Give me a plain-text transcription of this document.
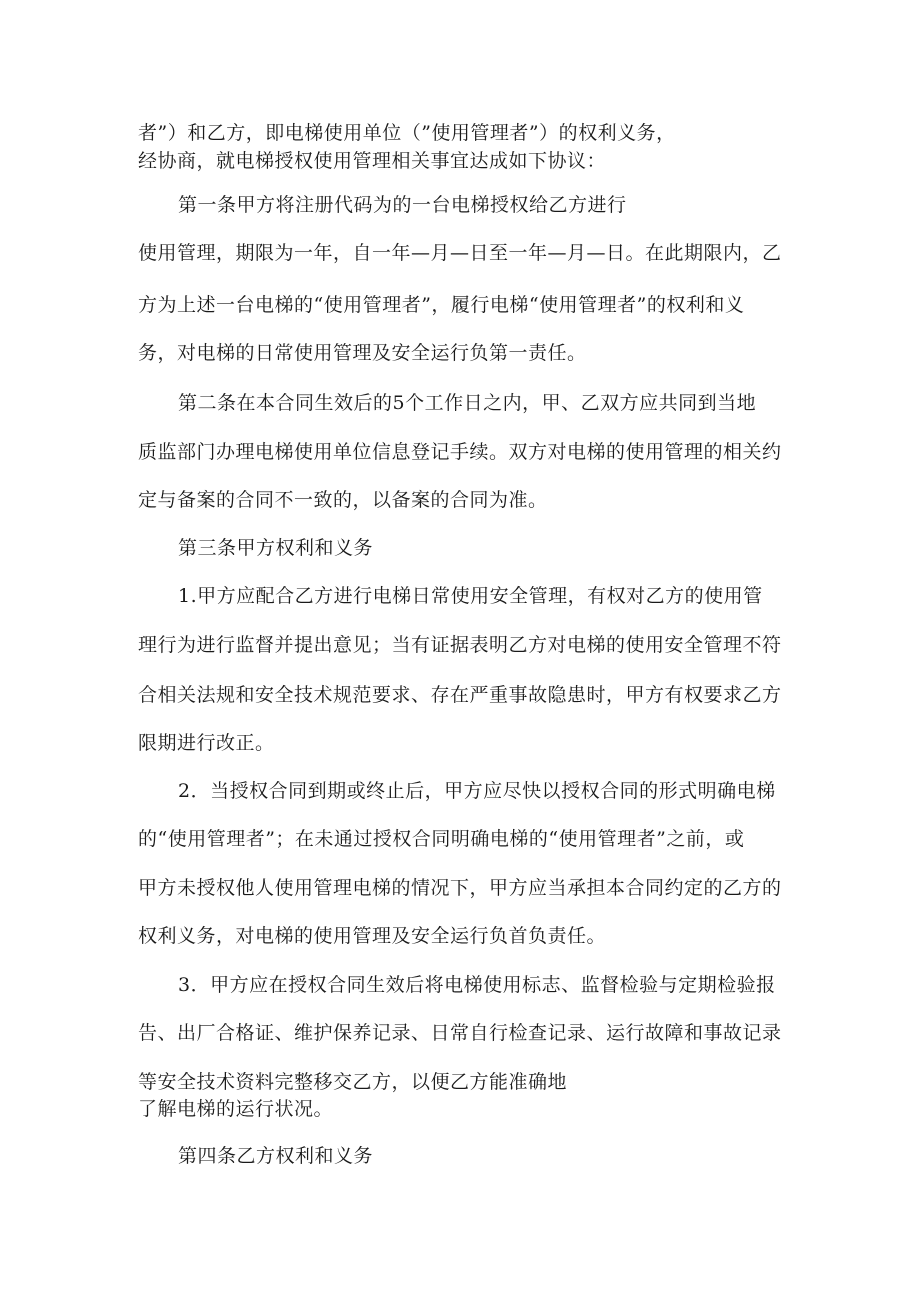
者”）和乙方，即电梯使用单位（”使用管理者”）的权利义务，
经协商，就电梯授权使用管理相关事宜达成如下协议：
第一条甲方将注册代码为的一台电梯授权给乙方进行
使用管理，期限为一年，自一年—月—日至一年—月—日。在此期限内，乙
方为上述一台电梯的“使用管理者”，履行电梯“使用管理者”的权利和义
务，对电梯的日常使用管理及安全运行负第一责任。
第二条在本合同生效后的5个工作日之内，甲、乙双方应共同到当地
质监部门办理电梯使用单位信息登记手续。双方对电梯的使用管理的相关约
定与备案的合同不一致的，以备案的合同为准。
第三条甲方权利和义务
1.甲方应配合乙方进行电梯日常使用安全管理，有权对乙方的使用管
理行为进行监督并提出意见；当有证据表明乙方对电梯的使用安全管理不符
合相关法规和安全技术规范要求、存在严重事故隐患时，甲方有权要求乙方
限期进行改正。
2．当授权合同到期或终止后，甲方应尽快以授权合同的形式明确电梯
的“使用管理者”；在未通过授权合同明确电梯的“使用管理者”之前，或
甲方未授权他人使用管理电梯的情况下，甲方应当承担本合同约定的乙方的
权利义务，对电梯的使用管理及安全运行负首负责任。
3．甲方应在授权合同生效后将电梯使用标志、监督检验与定期检验报
告、出厂合格证、维护保养记录、日常自行检查记录、运行故障和事故记录
等安全技术资料完整移交乙方，以便乙方能准确地
了解电梯的运行状况。
第四条乙方权利和义务
